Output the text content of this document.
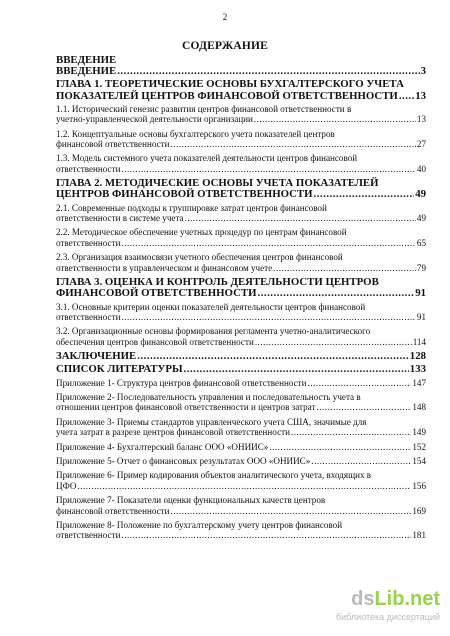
2
СОДЕРЖАНИЕ

ВВЕДЕНИЕ

ВВЕДЕНИЕ .....	3

ГЛАВА 1. ТЕОРЕТИЧЕСКИЕ ОСНОВЫ БУХГАЛТЕРСКОГО УЧЕТА

ПОКАЗАТЕЛЕЙ ЦЕНТРОВ ФИНАНСОВОЙ ОТВЕТСТВЕННОСТИ ..... 13

1.1. Исторический генезис развития центров финансовой ответственности в

учетно-управленческой деятельности организации .....	13

1.2. Концептуальные основы бухгалтерского учета показателей центров

финансовой ответственности .....	27

1.3. Модель системного учета показателей деятельности центров финансовой

ответственности .....	40

ГЛАВА 2. МЕТОДИЧЕСКИЕ ОСНОВЫ УЧЕТА ПОКАЗАТЕЛЕЙ

ЦЕНТРОВ ФИНАНСОВОЙ ОТВЕТСТВЕННОСТИ .....	49

2.1. Современные подходы к группировке затрат центров финансовой

ответственности в системе учета .....	49

2.2. Методическое обеспечение учетных процедур по центрам финансовой

ответственности .....	65

2.3. Организация взаимосвязи учетного обеспечения центров финансовой

ответственности в управленческом и финансовом учете .....	79

ГЛАВА 3. ОЦЕНКА И КОНТРОЛЬ ДЕЯТЕЛЬНОСТИ ЦЕНТРОВ

ФИНАНСОВОЙ ОТВЕТСТВЕННОСТИ .....	91

3.1. Основные критерии оценки показателей деятельности центров финансовой

ответственности .....	91

3.2. Организационные основы формирования регламента учетно-аналитического

обеспечения центров финансовой ответственности .....	114
ЗАКЛЮЧЕНИЕ .....	128
СПИСОК ЛИТЕРАТУРЫ .....	133
Приложение 1- Структура центров финансовой ответственности .....	147

Приложение 2- Последовательность управления и последовательность учета в

отношении центров финансовой ответственности и центров затрат .....	148

Приложение 3- Приемы стандартов управленческого учета США, значимые для

учета затрат в разрезе центров финансовой ответственности .....	149
Приложение 4- Бухгалтерский баланс ООО «ОНИИС» .....	152
Приложение 5- Отчет о финансовых результатах ООО «ОНИИС» .....	154

Приложение 6- Пример кодирования объектов аналитического учета, входящих в

ЦФО .....	156

Приложение 7- Показатели оценки функциональных качеств центров

финансовой ответственности .....	169

Приложение 8- Положение по бухгалтерскому учету центров финансовой

ответственности .....	181
dsLib.net
библиотека диссертаций
